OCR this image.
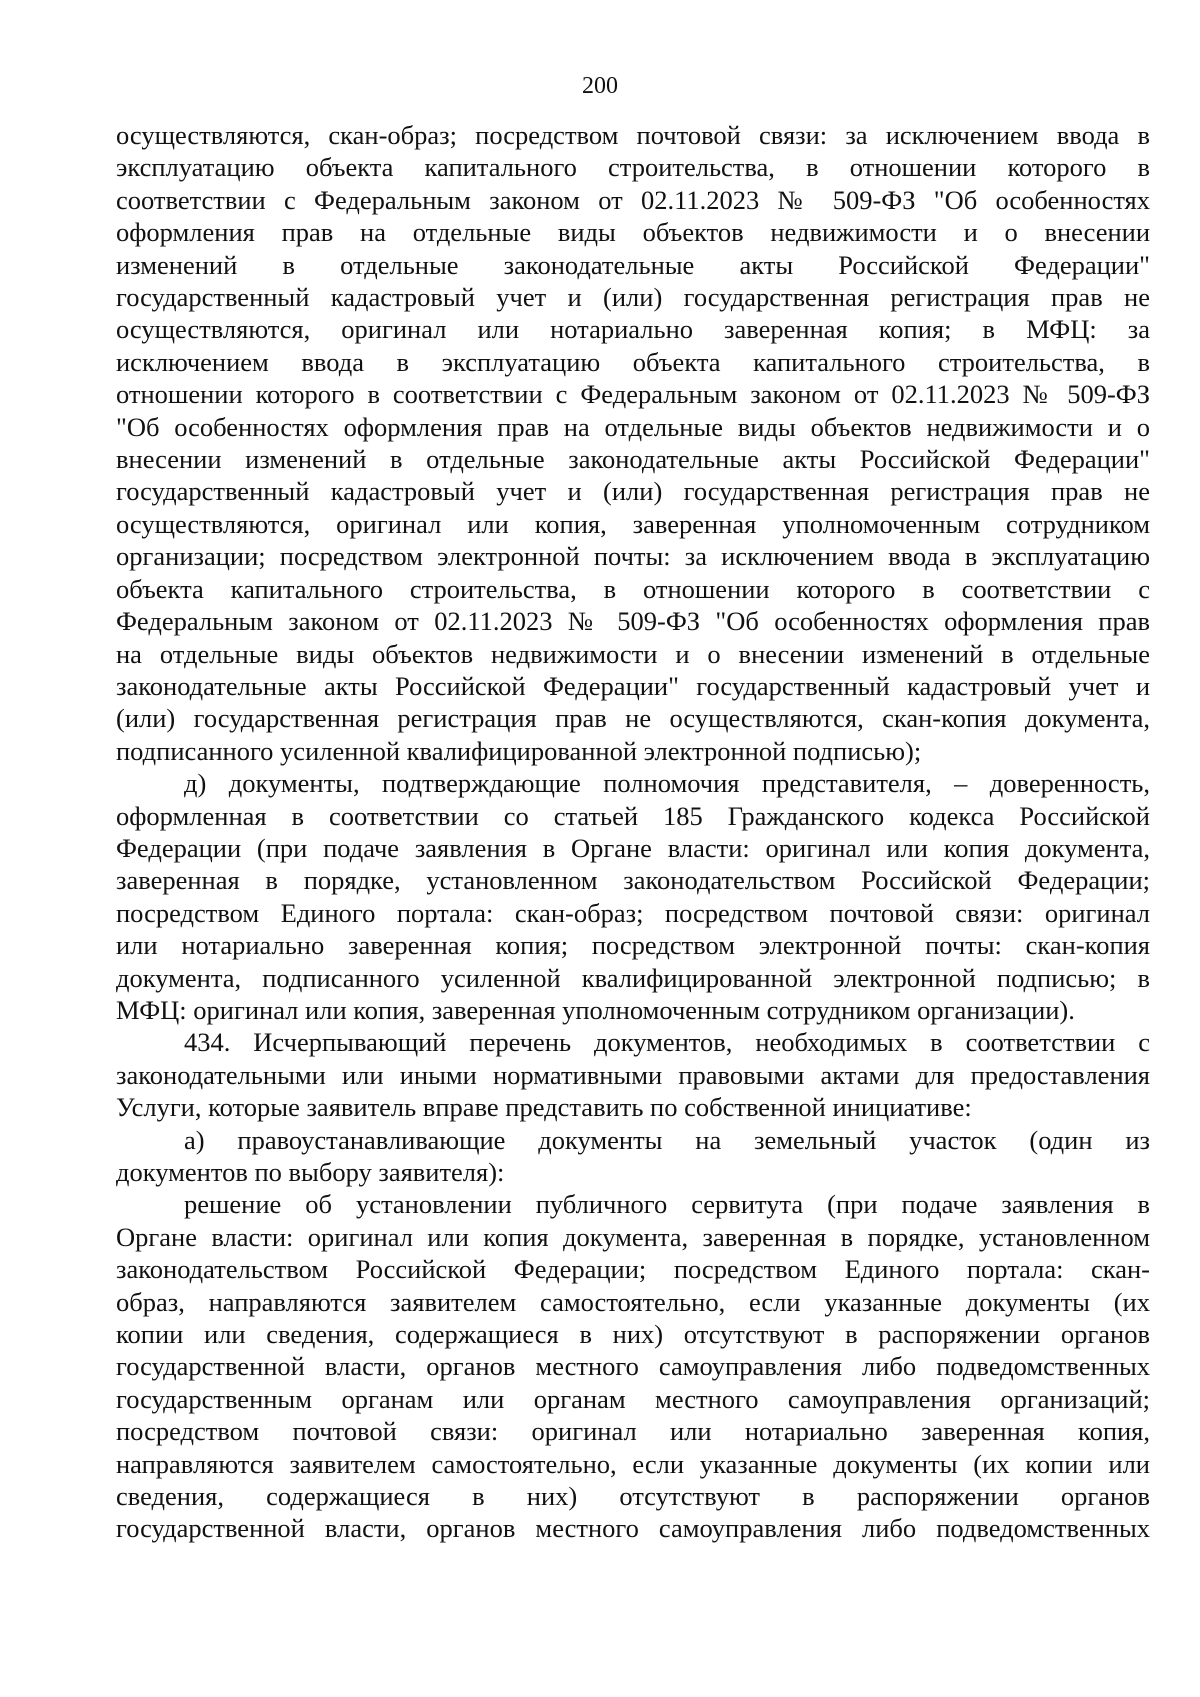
200
осуществляются, скан-образ; посредством почтовой связи: за исключением ввода в
эксплуатацию объекта капитального строительства, в отношении которого в
соответствии с Федеральным законом от 02.11.2023 № 509-ФЗ "Об особенностях
оформления прав на отдельные виды объектов недвижимости и о внесении
изменений в отдельные законодательные акты Российской Федерации"
государственный кадастровый учет и (или) государственная регистрация прав не
осуществляются, оригинал или нотариально заверенная копия; в МФЦ: за
исключением ввода в эксплуатацию объекта капитального строительства, в
отношении которого в соответствии с Федеральным законом от 02.11.2023 № 509-ФЗ
"Об особенностях оформления прав на отдельные виды объектов недвижимости и о
внесении изменений в отдельные законодательные акты Российской Федерации"
государственный кадастровый учет и (или) государственная регистрация прав не
осуществляются, оригинал или копия, заверенная уполномоченным сотрудником
организации; посредством электронной почты: за исключением ввода в эксплуатацию
объекта капитального строительства, в отношении которого в соответствии с
Федеральным законом от 02.11.2023 № 509-ФЗ "Об особенностях оформления прав
на отдельные виды объектов недвижимости и о внесении изменений в отдельные
законодательные акты Российской Федерации" государственный кадастровый учет и
(или) государственная регистрация прав не осуществляются, скан-копия документа,
подписанного усиленной квалифицированной электронной подписью);
д) документы, подтверждающие полномочия представителя, – доверенность,
оформленная в соответствии со статьей 185 Гражданского кодекса Российской
Федерации (при подаче заявления в Органе власти: оригинал или копия документа,
заверенная в порядке, установленном законодательством Российской Федерации;
посредством Единого портала: скан-образ; посредством почтовой связи: оригинал
или нотариально заверенная копия; посредством электронной почты: скан-копия
документа, подписанного усиленной квалифицированной электронной подписью; в
МФЦ: оригинал или копия, заверенная уполномоченным сотрудником организации).
434. Исчерпывающий перечень документов, необходимых в соответствии с
законодательными или иными нормативными правовыми актами для предоставления
Услуги, которые заявитель вправе представить по собственной инициативе:
а) правоустанавливающие документы на земельный участок (один из
документов по выбору заявителя):
решение об установлении публичного сервитута (при подаче заявления в
Органе власти: оригинал или копия документа, заверенная в порядке, установленном
законодательством Российской Федерации; посредством Единого портала: скан-
образ, направляются заявителем самостоятельно, если указанные документы (их
копии или сведения, содержащиеся в них) отсутствуют в распоряжении органов
государственной власти, органов местного самоуправления либо подведомственных
государственным органам или органам местного самоуправления организаций;
посредством почтовой связи: оригинал или нотариально заверенная копия,
направляются заявителем самостоятельно, если указанные документы (их копии или
сведения, содержащиеся в них) отсутствуют в распоряжении органов
государственной власти, органов местного самоуправления либо подведомственных
